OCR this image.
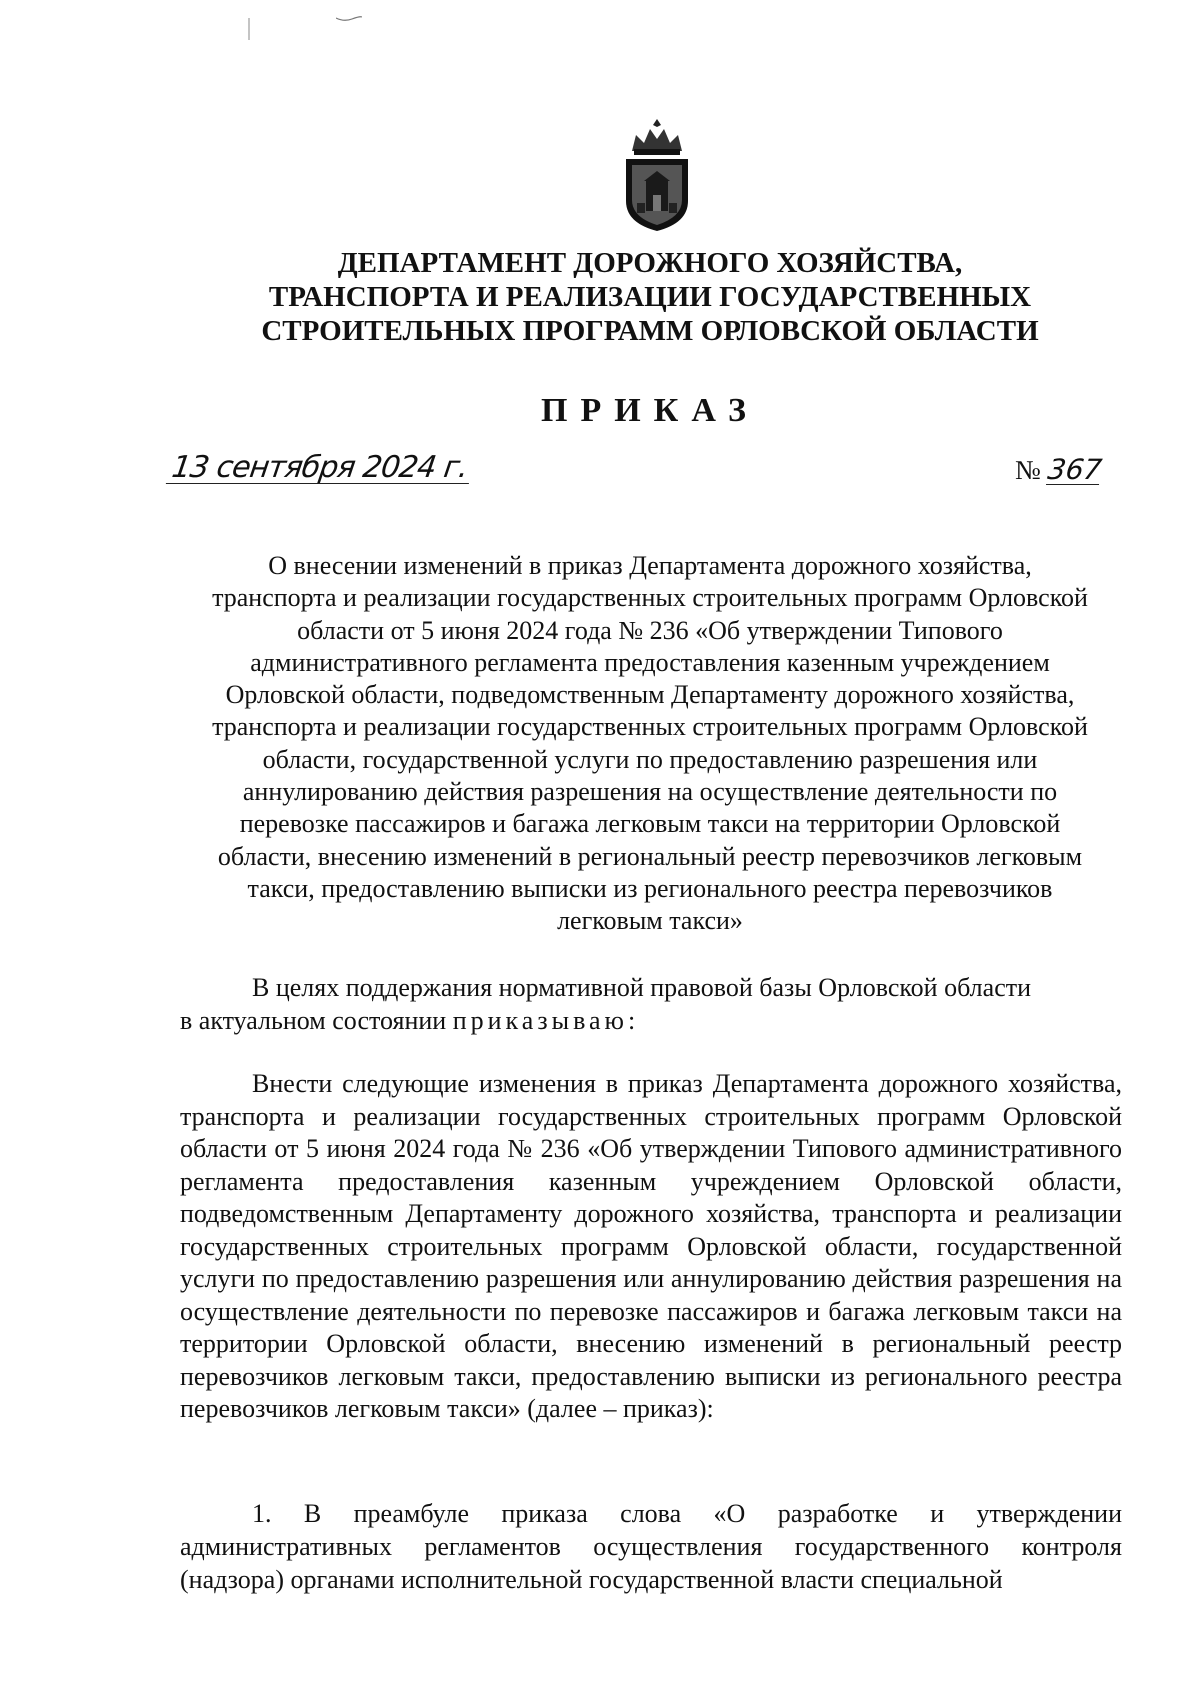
ДЕПАРТАМЕНТ ДОРОЖНОГО ХОЗЯЙСТВА,
ТРАНСПОРТА И РЕАЛИЗАЦИИ ГОСУДАРСТВЕННЫХ
СТРОИТЕЛЬНЫХ ПРОГРАММ ОРЛОВСКОЙ ОБЛАСТИ
ПРИКАЗ
13 сентября 2024 г.	№ 367
О внесении изменений в приказ Департамента дорожного хозяйства,
транспорта и реализации государственных строительных программ Орловской
области от 5 июня 2024 года № 236 «Об утверждении Типового
административного регламента предоставления казенным учреждением
Орловской области, подведомственным Департаменту дорожного хозяйства,
транспорта и реализации государственных строительных программ Орловской
области, государственной услуги по предоставлению разрешения или
аннулированию действия разрешения на осуществление деятельности по
перевозке пассажиров и багажа легковым такси на территории Орловской
области, внесению изменений в региональный реестр перевозчиков легковым
такси, предоставлению выписки из регионального реестра перевозчиков
легковым такси»
В целях поддержания нормативной правовой базы Орловской области
в актуальном состоянии приказываю:
Внести следующие изменения в приказ Департамента дорожного хозяйства, транспорта и реализации государственных строительных программ Орловской области от 5 июня 2024 года № 236 «Об утверждении Типового административного регламента предоставления казенным учреждением Орловской области, подведомственным Департаменту дорожного хозяйства, транспорта и реализации государственных строительных программ Орловской области, государственной услуги по предоставлению разрешения или аннулированию действия разрешения на осуществление деятельности по перевозке пассажиров и багажа легковым такси на территории Орловской области, внесению изменений в региональный реестр перевозчиков легковым такси, предоставлению выписки из регионального реестра перевозчиков легковым такси» (далее – приказ):
1. В преамбуле приказа слова «О разработке и утверждении административных регламентов осуществления государственного контроля (надзора) органами исполнительной государственной власти специальной
